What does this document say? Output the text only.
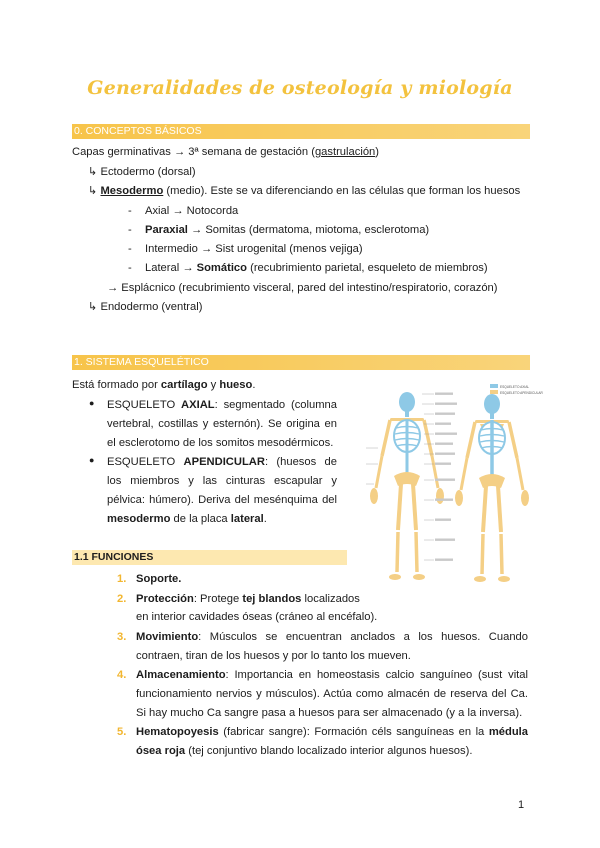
Generalidades de osteología y miología
0. CONCEPTOS BÁSICOS
Capas germinativas → 3ª semana de gestación (gastrulación)
↳ Ectodermo (dorsal)
↳ Mesodermo (medio). Este se va diferenciando en las células que forman los huesos
- Axial → Notocorda
- Paraxial → Somitas (dermatoma, miotoma, esclerotoma)
- Intermedio → Sist urogenital (menos vejiga)
- Lateral → Somático (recubrimiento parietal, esqueleto de miembros)
→ Esplácnico (recubrimiento visceral, pared del intestino/respiratorio, corazón)
↳ Endodermo (ventral)
1. SISTEMA ESQUELÉTICO
Está formado por cartílago y hueso.
● ESQUELETO AXIAL: segmentado (columna vertebral, costillas y esternón). Se origina en el esclerotomo de los somitos mesodérmicos.
● ESQUELETO APENDICULAR: (huesos de los miembros y las cinturas escapular y pélvica: húmero). Deriva del mesénquima del mesodermo de la placa lateral.
ESQUELETO AXIAL
ESQUELETO APENDICULAR
1.1 FUNCIONES
1. Soporte.
2. Protección: Protege tej blandos localizados
en interior cavidades óseas (cráneo al encéfalo).
3. Movimiento: Músculos se encuentran anclados a los huesos. Cuando contraen, tiran de los huesos y por lo tanto los mueven.
4. Almacenamiento: Importancia en homeostasis calcio sanguíneo (sust vital funcionamiento nervios y músculos). Actúa como almacén de reserva del Ca. Si hay mucho Ca sangre pasa a huesos para ser almacenado (y a la inversa).
5. Hematopoyesis (fabricar sangre): Formación céls sanguíneas en la médula ósea roja (tej conjuntivo blando localizado interior algunos huesos).
1
